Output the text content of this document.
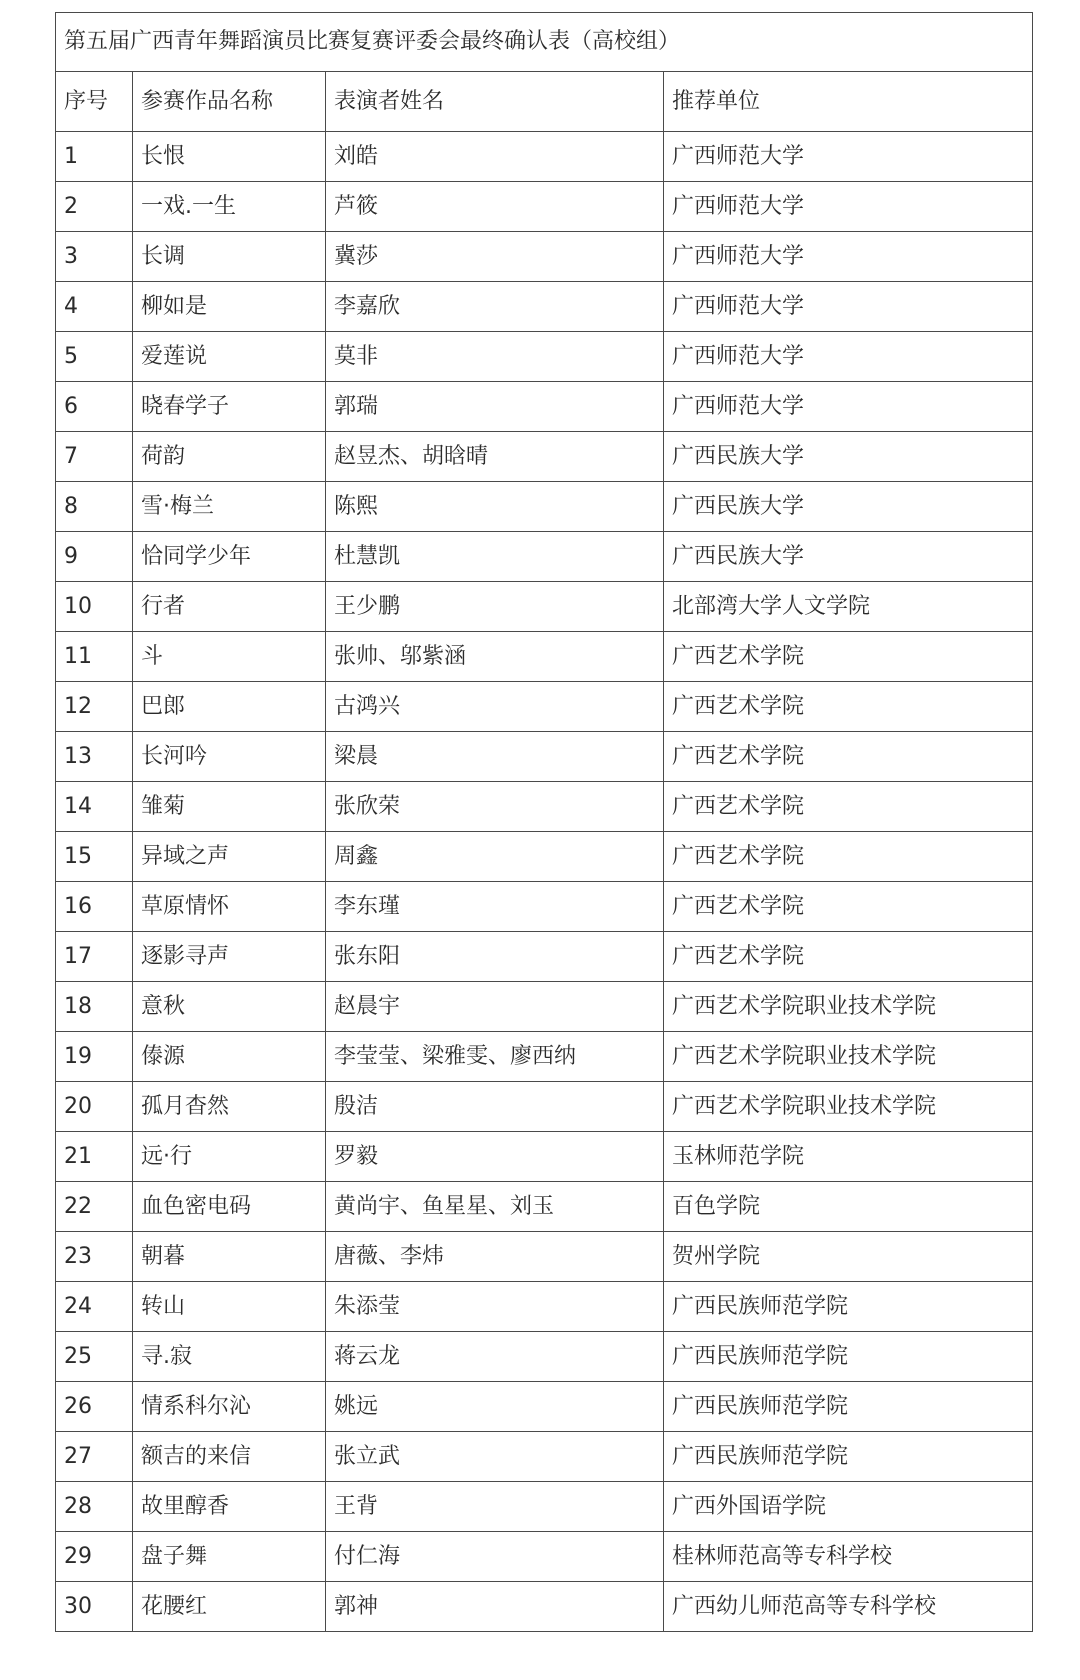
第五届广西青年舞蹈演员比赛复赛评委会最终确认表（高校组）			
序号	参赛作品名称	表演者姓名	推荐单位
1	长恨	刘皓	广西师范大学
2	一戏.一生	芦筱	广西师范大学
3	长调	冀莎	广西师范大学
4	柳如是	李嘉欣	广西师范大学
5	爱莲说	莫非	广西师范大学
6	晓春学子	郭瑞	广西师范大学
7	荷韵	赵昱杰、胡晗晴	广西民族大学
8	雪·梅兰	陈熙	广西民族大学
9	恰同学少年	杜慧凯	广西民族大学
10	行者	王少鹏	北部湾大学人文学院
11	斗	张帅、邬紫涵	广西艺术学院
12	巴郎	古鸿兴	广西艺术学院
13	长河吟	梁晨	广西艺术学院
14	雏菊	张欣荣	广西艺术学院
15	异域之声	周鑫	广西艺术学院
16	草原情怀	李东瑾	广西艺术学院
17	逐影寻声	张东阳	广西艺术学院
18	意秋	赵晨宇	广西艺术学院职业技术学院
19	傣源	李莹莹、梁雅雯、廖西纳	广西艺术学院职业技术学院
20	孤月杳然	殷洁	广西艺术学院职业技术学院
21	远·行	罗毅	玉林师范学院
22	血色密电码	黄尚宇、鱼星星、刘玉	百色学院
23	朝暮	唐薇、李炜	贺州学院
24	转山	朱添莹	广西民族师范学院
25	寻.寂	蒋云龙	广西民族师范学院
26	情系科尔沁	姚远	广西民族师范学院
27	额吉的来信	张立武	广西民族师范学院
28	故里醇香	王背	广西外国语学院
29	盘子舞	付仁海	桂林师范高等专科学校
30	花腰红	郭神	广西幼儿师范高等专科学校
